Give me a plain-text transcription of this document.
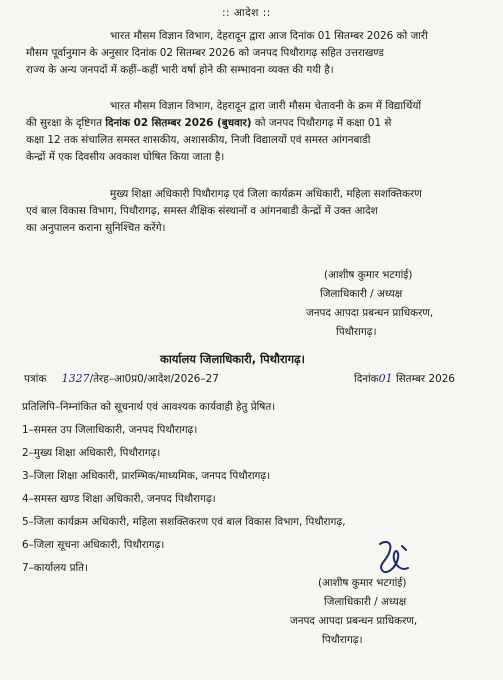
:: आदेश ::
भारत मौसम विज्ञान विभाग, देहरादून द्वारा आज दिनांक 01 सितम्बर 2026 को जारी
मौसम पूर्वानुमान के अनुसार दिनांक 02 सितम्बर 2026 को जनपद पिथौरागढ़ सहित उत्तराखण्ड
राज्य के अन्य जनपदों में कहीं–कहीं भारी वर्षा होने की सम्भावना व्यक्त की गयी है।
भारत मौसम विज्ञान विभाग, देहरादून द्वारा जारी मौसम चेतावनी के क्रम में विद्यार्थियों
की सुरक्षा के दृष्टिगत दिनांक 02 सितम्बर 2026 (बुधवार) को जनपद पिथौरागढ़ में कक्षा 01 से
कक्षा 12 तक संचालित समस्त शासकीय, अशासकीय, निजी विद्यालयों एवं समस्त आंगनबाडी
केन्द्रों में एक दिवसीय अवकाश घोषित किया जाता है।
मुख्य शिक्षा अधिकारी पिथौरागढ़ एवं जिला कार्यक्रम अधिकारी, महिला सशक्तिकरण
एवं बाल विकास विभाग, पिथौरागढ़, समस्त शैक्षिक संस्थानों व आंगनबाडी केन्द्रों में उक्त आदेश
का अनुपालन कराना सुनिश्चित करेंगे।
(आशीष कुमार भटगांई)
जिलाधिकारी / अध्यक्ष
जनपद आपदा प्रबन्धन प्राधिकरण,
पिथौरागढ़।
कार्यालय जिलाधिकारी, पिथौरागढ़।
पत्रांक 1327/तेरह–आ0प्र0/आदेश/2026–27	दिनांक01 सितम्बर 2026
प्रतिलिपि–निम्नांकित को सूचनार्थ एवं आवश्यक कार्यवाही हेतु प्रेषित।
1–समस्त उप जिलाधिकारी, जनपद पिथौरागढ़।
2–मुख्य शिक्षा अधिकारी, पिथौरागढ़।
3–जिला शिक्षा अधिकारी, प्रारम्भिक/माध्यमिक, जनपद पिथौरागढ़।
4–समस्त खण्ड शिक्षा अधिकारी, जनपद पिथौरागढ़।
5–जिला कार्यक्रम अधिकारी, महिला सशक्तिकरण एवं बाल विकास विभाग, पिथौरागढ़,
6–जिला सूचना अधिकारी, पिथौरागढ़।
7–कार्यालय प्रति।
(आशीष कुमार भटगांई)
जिलाधिकारी / अध्यक्ष
जनपद आपदा प्रबन्धन प्राधिकरण,
पिथौरागढ़।
